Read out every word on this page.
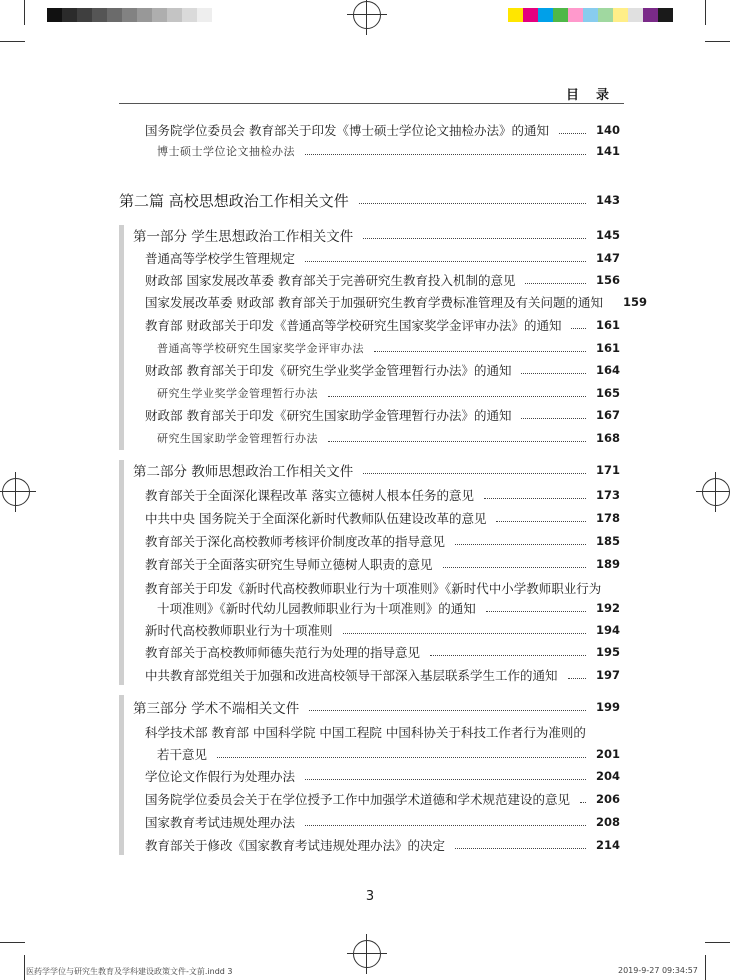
目录
国务院学位委员会 教育部关于印发《博士硕士学位论文抽检办法》的通知	140
博士硕士学位论文抽检办法	141
第二篇 高校思想政治工作相关文件	143
第一部分 学生思想政治工作相关文件	145
普通高等学校学生管理规定	147
财政部 国家发展改革委 教育部关于完善研究生教育投入机制的意见	156
国家发展改革委 财政部 教育部关于加强研究生教育学费标准管理及有关问题的通知 159
教育部 财政部关于印发《普通高等学校研究生国家奖学金评审办法》的通知	161
普通高等学校研究生国家奖学金评审办法	161
财政部 教育部关于印发《研究生学业奖学金管理暂行办法》的通知	164
研究生学业奖学金管理暂行办法	165
财政部 教育部关于印发《研究生国家助学金管理暂行办法》的通知	167
研究生国家助学金管理暂行办法	168
第二部分 教师思想政治工作相关文件	171
教育部关于全面深化课程改革 落实立德树人根本任务的意见	173
中共中央 国务院关于全面深化新时代教师队伍建设改革的意见	178
教育部关于深化高校教师考核评价制度改革的指导意见	185
教育部关于全面落实研究生导师立德树人职责的意见	189
教育部关于印发《新时代高校教师职业行为十项准则》《新时代中小学教师职业行为
十项准则》《新时代幼儿园教师职业行为十项准则》的通知	192
新时代高校教师职业行为十项准则	194
教育部关于高校教师师德失范行为处理的指导意见	195
中共教育部党组关于加强和改进高校领导干部深入基层联系学生工作的通知	197
第三部分 学术不端相关文件	199
科学技术部 教育部 中国科学院 中国工程院 中国科协关于科技工作者行为准则的
若干意见	201
学位论文作假行为处理办法	204
国务院学位委员会关于在学位授予工作中加强学术道德和学术规范建设的意见 206
国家教育考试违规处理办法	208
教育部关于修改《国家教育考试违规处理办法》的决定	214
3
医药学学位与研究生教育及学科建设政策文件-文前.indd 3	2019-9-27 09:34:57
